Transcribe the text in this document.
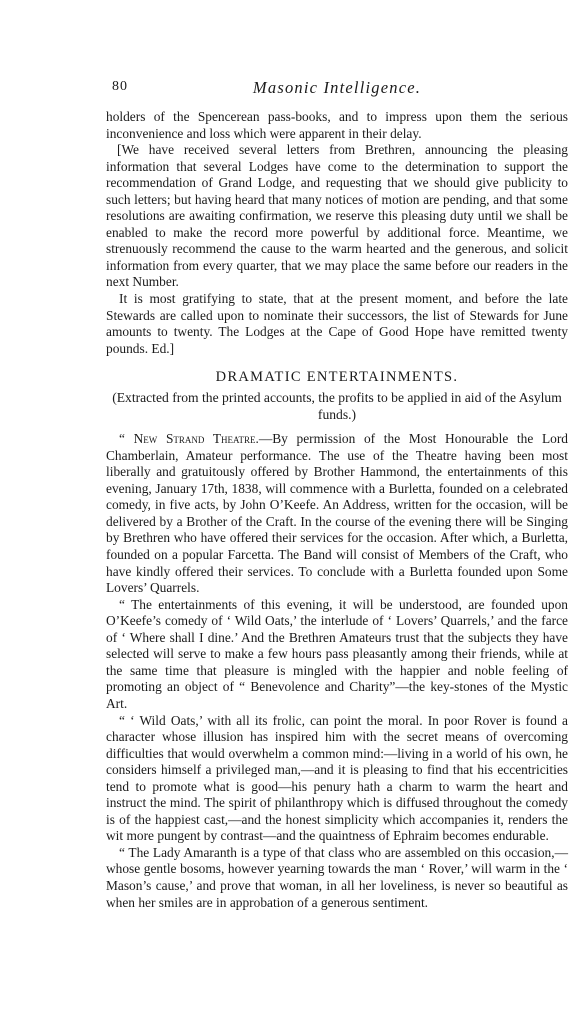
80	Masonic Intelligence.

holders of the Spencerean pass-books, and to impress upon them the serious inconvenience and loss which were apparent in their delay.

[We have received several letters from Brethren, announcing the pleasing information that several Lodges have come to the determination to support the recommendation of Grand Lodge, and requesting that we should give publicity to such letters; but having heard that many notices of motion are pending, and that some resolutions are awaiting confirmation, we reserve this pleasing duty until we shall be enabled to make the record more powerful by additional force. Meantime, we strenuously recommend the cause to the warm hearted and the generous, and solicit information from every quarter, that we may place the same before our readers in the next Number.

It is most gratifying to state, that at the present moment, and before the late Stewards are called upon to nominate their successors, the list of Stewards for June amounts to twenty. The Lodges at the Cape of Good Hope have remitted twenty pounds. Ed.]

DRAMATIC ENTERTAINMENTS.
(Extracted from the printed accounts, the profits to be applied in aid of the Asylum funds.)

“ New Strand Theatre.—By permission of the Most Honourable the Lord Chamberlain, Amateur performance. The use of the Theatre having been most liberally and gratuitously offered by Brother Hammond, the entertainments of this evening, January 17th, 1838, will commence with a Burletta, founded on a celebrated comedy, in five acts, by John O’Keefe. An Address, written for the occasion, will be delivered by a Brother of the Craft. In the course of the evening there will be Singing by Brethren who have offered their services for the occasion. After which, a Burletta, founded on a popular Farcetta. The Band will consist of Members of the Craft, who have kindly offered their services. To conclude with a Burletta founded upon Some Lovers’ Quarrels.

“ The entertainments of this evening, it will be understood, are founded upon O’Keefe’s comedy of ‘ Wild Oats,’ the interlude of ‘ Lovers’ Quarrels,’ and the farce of ‘ Where shall I dine.’ And the Brethren Amateurs trust that the subjects they have selected will serve to make a few hours pass pleasantly among their friends, while at the same time that pleasure is mingled with the happier and noble feeling of promoting an object of “ Benevolence and Charity”—the key-stones of the Mystic Art.

“ ‘ Wild Oats,’ with all its frolic, can point the moral. In poor Rover is found a character whose illusion has inspired him with the secret means of overcoming difficulties that would overwhelm a common mind:—living in a world of his own, he considers himself a privileged man,—and it is pleasing to find that his eccentricities tend to promote what is good—his penury hath a charm to warm the heart and instruct the mind. The spirit of philanthropy which is diffused throughout the comedy is of the happiest cast,—and the honest simplicity which accompanies it, renders the wit more pungent by contrast—and the quaintness of Ephraim becomes endurable.

“ The Lady Amaranth is a type of that class who are assembled on this occasion,—whose gentle bosoms, however yearning towards the man ‘ Rover,’ will warm in the ‘ Mason’s cause,’ and prove that woman, in all her loveliness, is never so beautiful as when her smiles are in approbation of a generous sentiment.
